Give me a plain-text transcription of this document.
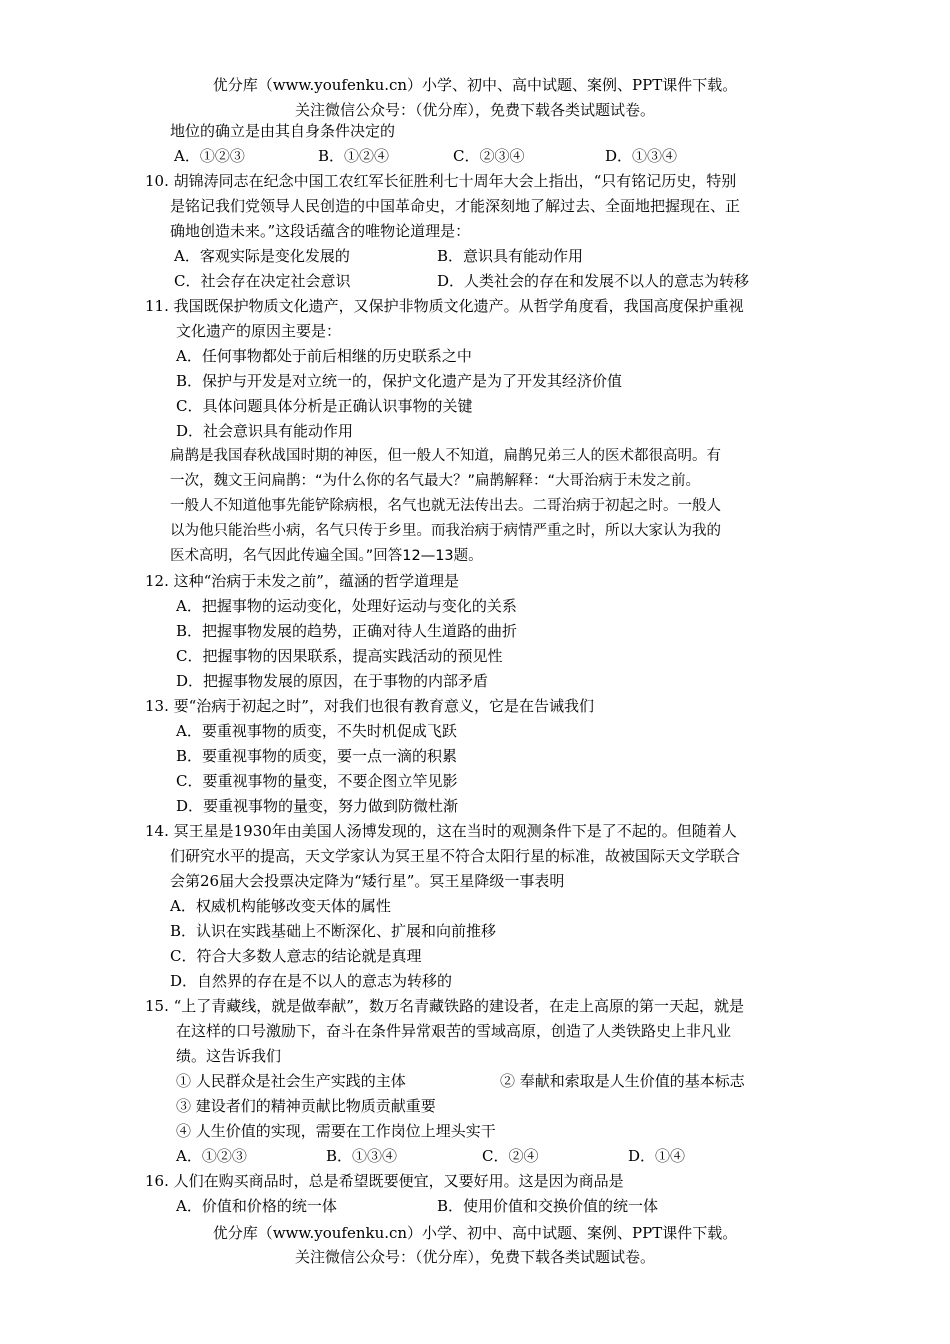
优分库（www.youfenku.cn）小学、初中、高中试题、案例、PPT课件下载。
关注微信公众号：（优分库），免费下载各类试题试卷。
地位的确立是由其自身条件决定的
A．①②③	B．①②④	C．②③④	D．①③④
10. 胡锦涛同志在纪念中国工农红军长征胜利七十周年大会上指出，“只有铭记历史，特别
是铭记我们党领导人民创造的中国革命史，才能深刻地了解过去、全面地把握现在、正
确地创造未来。”这段话蕴含的唯物论道理是：
A．客观实际是变化发展的	B．意识具有能动作用
C．社会存在决定社会意识	D．人类社会的存在和发展不以人的意志为转移
11. 我国既保护物质文化遗产，又保护非物质文化遗产。从哲学角度看，我国高度保护重视
文化遗产的原因主要是：
A．任何事物都处于前后相继的历史联系之中
B．保护与开发是对立统一的，保护文化遗产是为了开发其经济价值
C．具体问题具体分析是正确认识事物的关键
D．社会意识具有能动作用
扁鹊是我国春秋战国时期的神医，但一般人不知道，扁鹊兄弟三人的医术都很高明。有
一次，魏文王问扁鹊：“为什么你的名气最大？”扁鹊解释：“大哥治病于未发之前。
一般人不知道他事先能铲除病根，名气也就无法传出去。二哥治病于初起之时。一般人
以为他只能治些小病，名气只传于乡里。而我治病于病情严重之时，所以大家认为我的
医术高明，名气因此传遍全国。”回答12—13题。
12. 这种“治病于未发之前”，蕴涵的哲学道理是
A．把握事物的运动变化，处理好运动与变化的关系
B．把握事物发展的趋势，正确对待人生道路的曲折
C．把握事物的因果联系，提高实践活动的预见性
D．把握事物发展的原因，在于事物的内部矛盾
13. 要“治病于初起之时”，对我们也很有教育意义，它是在告诫我们
A．要重视事物的质变，不失时机促成飞跃
B．要重视事物的质变，要一点一滴的积累
C．要重视事物的量变，不要企图立竿见影
D．要重视事物的量变，努力做到防微杜渐
14. 冥王星是1930年由美国人汤博发现的，这在当时的观测条件下是了不起的。但随着人
们研究水平的提高，天文学家认为冥王星不符合太阳行星的标准，故被国际天文学联合
会第26届大会投票决定降为“矮行星”。冥王星降级一事表明
A．权威机构能够改变天体的属性
B．认识在实践基础上不断深化、扩展和向前推移
C．符合大多数人意志的结论就是真理
D．自然界的存在是不以人的意志为转移的
15. “上了青藏线，就是做奉献”，数万名青藏铁路的建设者，在走上高原的第一天起，就是
在这样的口号激励下，奋斗在条件异常艰苦的雪域高原，创造了人类铁路史上非凡业
绩。这告诉我们
① 人民群众是社会生产实践的主体	② 奉献和索取是人生价值的基本标志
③ 建设者们的精神贡献比物质贡献重要
④ 人生价值的实现，需要在工作岗位上埋头实干
A．①②③	B．①③④	C．②④	D．①④
16. 人们在购买商品时，总是希望既要便宜，又要好用。这是因为商品是
A．价值和价格的统一体	B．使用价值和交换价值的统一体
优分库（www.youfenku.cn）小学、初中、高中试题、案例、PPT课件下载。
关注微信公众号：（优分库），免费下载各类试题试卷。
